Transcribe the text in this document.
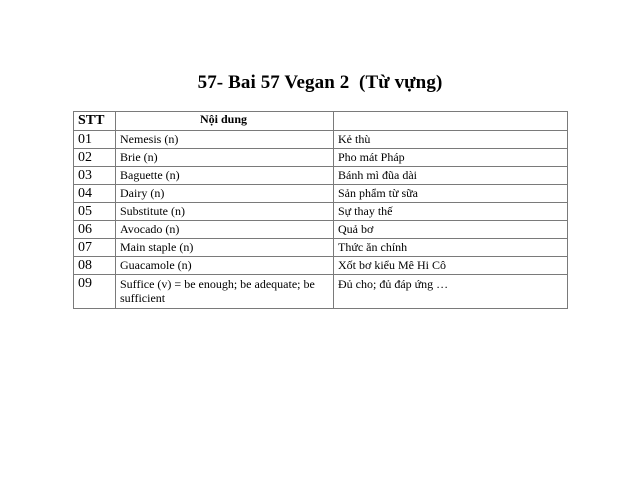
57- Bai 57 Vegan 2  (Từ vựng)
STT	Nội dung	
01	Nemesis (n)	Kẻ thù
02	Brie (n)	Pho mát Pháp
03	Baguette (n)	Bánh mì đũa dài
04	Dairy (n)	Sản phẩm từ sữa
05	Substitute (n)	Sự thay thế
06	Avocado (n)	Quả bơ
07	Main staple (n)	Thức ăn chính
08	Guacamole (n)	Xốt bơ kiểu Mê Hi Cô
09	Suffice (v) = be enough; be adequate; be sufficient	Đủ cho; đủ đáp ứng …
